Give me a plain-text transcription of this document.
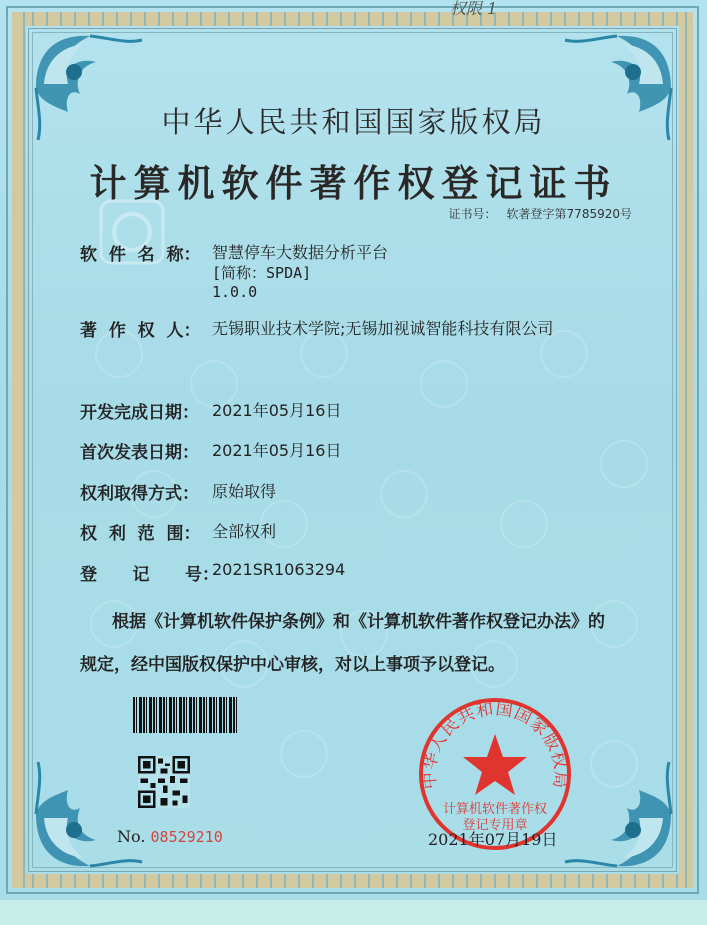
权限 1
中华人民共和国国家版权局
计算机软件著作权登记证书
证书号： 软著登字第7785920号
软  件  名  称： 智慧停车大数据分析平台
[简称：SPDA]
1.0.0
著  作  权  人： 无锡职业技术学院;无锡加视诚智能科技有限公司
开发完成日期： 2021年05月16日
首次发表日期： 2021年05月16日
权利取得方式： 原始取得
权  利  范  围： 全部权利
登      记      号：
2021SR1063294
根据《计算机软件保护条例》和《计算机软件著作权登记办法》的
规定，经中国版权保护中心审核，对以上事项予以登记。
No. 08529210
中华人民共和国国家版权局
计算机软件著作权
登记专用章
2021年07月19日
